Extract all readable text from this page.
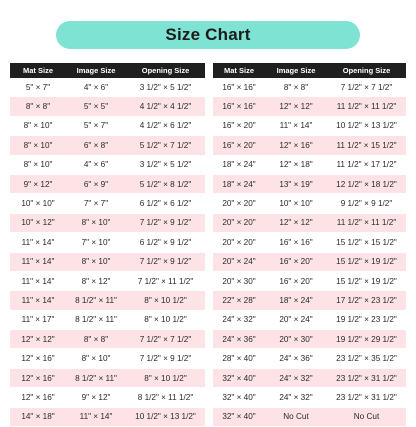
Size Chart
Mat Size	Image Size	Opening Size
5" × 7"	4" × 6"	3 1/2" × 5 1/2"
8" × 8"	5" × 5"	4 1/2" × 4 1/2"
8" × 10"	5" × 7"	4 1/2" × 6 1/2"
8" × 10"	6" × 8"	5 1/2" × 7 1/2"
8" × 10"	4" × 6"	3 1/2" × 5 1/2"
9" × 12"	6" × 9"	5 1/2" × 8 1/2"
10" × 10"	7" × 7"	6 1/2" × 6 1/2"
10" × 12"	8" × 10"	7 1/2" × 9 1/2"
11" × 14"	7" × 10"	6 1/2" × 9 1/2"
11" × 14"	8" × 10"	7 1/2" × 9 1/2"
11" × 14"	8" × 12"	7 1/2" × 11 1/2"
11" × 14"	8 1/2" × 11"	8" × 10 1/2"
11" × 17"	8 1/2" × 11"	8" × 10 1/2"
12" × 12"	8" × 8"	7 1/2" × 7 1/2"
12" × 16"	8" × 10"	7 1/2" × 9 1/2"
12" × 16"	8 1/2" × 11"	8" × 10 1/2"
12" × 16"	9" × 12"	8 1/2" × 11 1/2"
14" × 18"	11" × 14"	10 1/2" × 13 1/2"
Mat Size	Image Size	Opening Size
16" × 16"	8" × 8"	7 1/2" × 7 1/2"
16" × 16"	12" × 12"	11 1/2" × 11 1/2"
16" × 20"	11" × 14"	10 1/2" × 13 1/2"
16" × 20"	12" × 16"	11 1/2" × 15 1/2"
18" × 24"	12" × 18"	11 1/2" × 17 1/2"
18" × 24"	13" × 19"	12 1/2" × 18 1/2"
20" × 20"	10" × 10"	9 1/2" × 9 1/2"
20" × 20"	12" × 12"	11 1/2" × 11 1/2"
20" × 20"	16" × 16"	15 1/2" × 15 1/2"
20" × 24"	16" × 20"	15 1/2" × 19 1/2"
20" × 30"	16" × 20"	15 1/2" × 19 1/2"
22" × 28"	18" × 24"	17 1/2" × 23 1/2"
24" × 32"	20" × 24"	19 1/2" × 23 1/2"
24" × 36"	20" × 30"	19 1/2" × 29 1/2"
28" × 40"	24" × 36"	23 1/2" × 35 1/2"
32" × 40"	24" × 32"	23 1/2" × 31 1/2"
32" × 40"	24" × 32"	23 1/2" × 31 1/2"
32" × 40"	No Cut	No Cut
